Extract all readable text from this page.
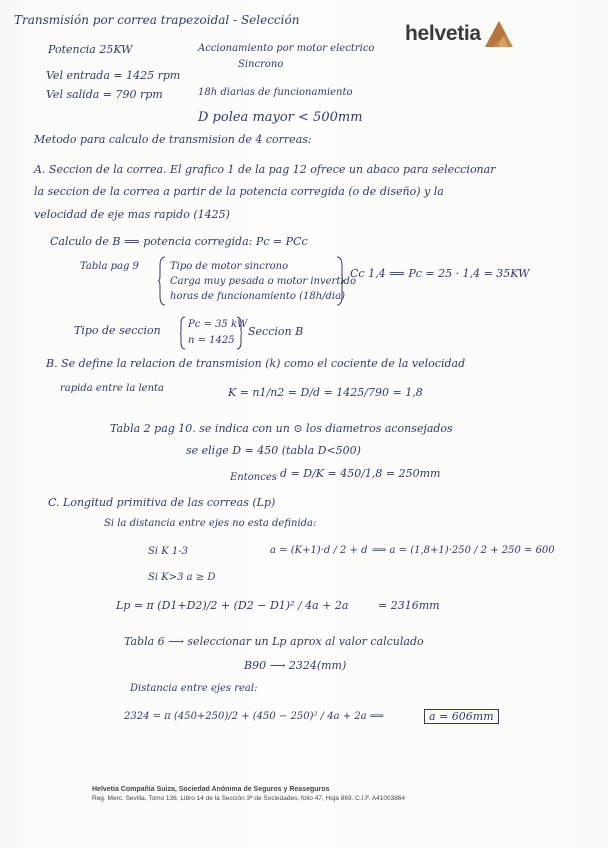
helvetia
Transmisión por correa trapezoidal - Selección
Potencia 25KW	Accionamiento por motor electrico
Sincrono
Vel entrada = 1425 rpm
Vel salida = 790 rpm	18h diarias de funcionamiento
D polea mayor < 500mm
Metodo para calculo de transmision de 4 correas:
A. Seccion de la correa. El grafico 1 de la pag 12 ofrece un abaco para seleccionar
la seccion de la correa a partir de la potencia corregida (o de diseño) y la
velocidad de eje mas rapido (1425)
Calculo de B ⟹ potencia corregida: Pc = PCc
Tabla pag 9	Tipo de motor sincrono
Carga muy pesada o motor invertido
horas de funcionamiento (18h/dia)
Cc 1,4 ⟹ Pc = 25 · 1,4 = 35KW
Tipo de seccion	Pc = 35 kW
n = 1425
Seccion B
B. Se define la relacion de transmision (k) como el cociente de la velocidad
rapida entre la lenta	K = n1/n2 = D/d = 1425/790 = 1,8
Tabla 2 pag 10. se indica con un ⊙ los diametros aconsejados
se elige D = 450 (tabla D<500)
Entonces d = D/K = 450/1,8 = 250mm
C. Longitud primitiva de las correas (Lp)
Si la distancia entre ejes no esta definida:
Si K 1-3	a = (K+1)·d / 2 + d ⟹ a = (1,8+1)·250 / 2 + 250 = 600
Si K>3 a ≥ D
Lp = π (D1+D2)/2 + (D2 − D1)² / 4a + 2a	= 2316mm
Tabla 6 ⟶ seleccionar un Lp aprox al valor calculado
B90 ⟶ 2324(mm)
Distancia entre ejes real:
2324 = π (450+250)/2 + (450 − 250)² / 4a + 2a ⟹	a = 606mm
Helvetia Compañía Suiza, Sociedad Anónima de Seguros y Reaseguros
Reg. Merc. Sevilla, Tomo 136, Libro 14 de la Sección 3ª de Sociedades, folio 47, Hoja 869. C.I.F. A41003864
